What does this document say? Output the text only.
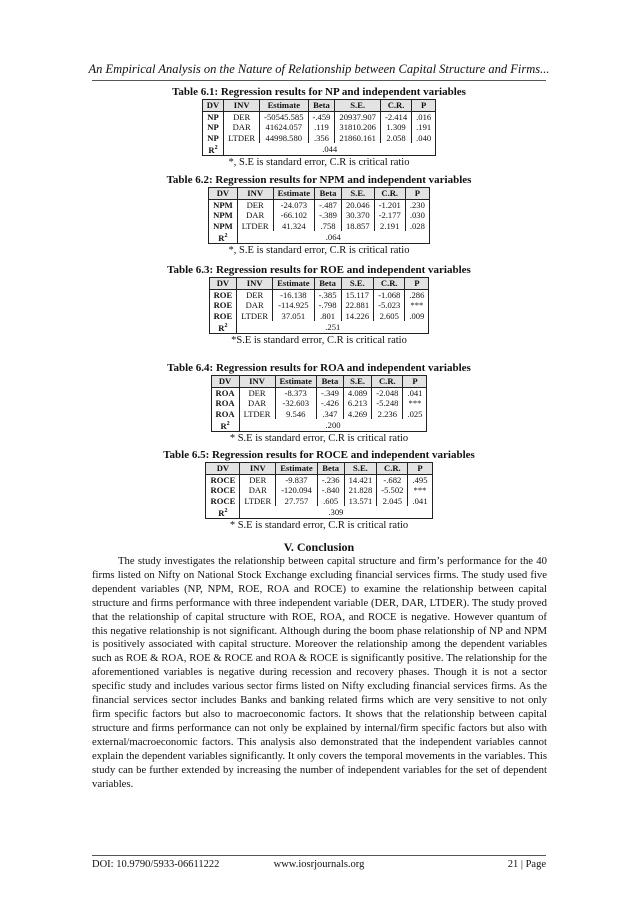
An Empirical Analysis on the Nature of Relationship between Capital Structure and Firms...
Table 6.1: Regression results for NP and independent variables
DV	INV	Estimate	Beta	S.E.	C.R.	P
NP	DER	-50545.585	-.459	20937.907	-2.414	.016
NP	DAR	41624.057	.119	31810.206	1.309	.191
NP	LTDER	44998.580	.356	21860.161	2.058	.040
$R^2$	.044					
*, S.E is standard error, C.R is critical ratio
Table 6.2: Regression results for NPM and independent variables
DV	INV	Estimate	Beta	S.E.	C.R.	P
NPM	DER	-24.073	-.487	20.046	-1.201	.230
NPM	DAR	-66.102	-.389	30.370	-2.177	.030
NPM	LTDER	41.324	.758	18.857	2.191	.028
$R^2$	.064					
*, S.E is standard error, C.R is critical ratio
Table 6.3: Regression results for ROE and independent variables
DV	INV	Estimate	Beta	S.E.	C.R.	P
ROE	DER	-16.138	-.385	15.117	-1.068	.286
ROE	DAR	-114.925	-.798	22.881	-5.023	***
ROE	LTDER	37.051	.801	14.226	2.605	.009
$R^2$	.251					
*S.E is standard error, C.R is critical ratio
Table 6.4: Regression results for ROA and independent variables
DV	INV	Estimate	Beta	S.E.	C.R.	P
ROA	DER	-8.373	-.349	4.089	-2.048	.041
ROA	DAR	-32.603	-.426	6.213	-5.248	***
ROA	LTDER	9.546	.347	4.269	2.236	.025
$R^2$	.200					
* S.E is standard error, C.R is critical ratio
Table 6.5: Regression results for ROCE and independent variables
DV	INV	Estimate	Beta	S.E.	C.R.	P
ROCE	DER	-9.837	-.236	14.421	-.682	.495
ROCE	DAR	-120.094	-.840	21.828	-5.502	***
ROCE	LTDER	27.757	.605	13.571	2.045	.041
$R^2$	.309					
* S.E is standard error, C.R is critical ratio
V. Conclusion

The study investigates the relationship between capital structure and firm’s performance for the 40 firms listed on Nifty on National Stock Exchange excluding financial services firms. The study used five dependent variables (NP, NPM, ROE, ROA and ROCE) to examine the relationship between capital structure and firms performance with three independent variable (DER, DAR, LTDER). The study proved that the relationship of capital structure with ROE, ROA, and ROCE is negative. However quantum of this negative relationship is not significant. Although during the boom phase relationship of NP and NPM is positively associated with capital structure. Moreover the relationship among the dependent variables such as ROE & ROA, ROE & ROCE and ROA & ROCE is significantly positive. The relationship for the aforementioned variables is negative during recession and recovery phases. Though it is not a sector specific study and includes various sector firms listed on Nifty excluding financial services firms. As the financial services sector includes Banks and banking related firms which are very sensitive to not only firm specific factors but also to macroeconomic factors. It shows that the relationship between capital structure and firms performance can not only be explained by internal/firm specific factors but also with external/macroeconomic factors. This analysis also demonstrated that the independent variables cannot explain the dependent variables significantly. It only covers the temporal movements in the variables. This study can be further extended by increasing the number of independent variables for the set of dependent variables.

DOI: 10.9790/5933-06611222	www.iosrjournals.org	21 | Page
